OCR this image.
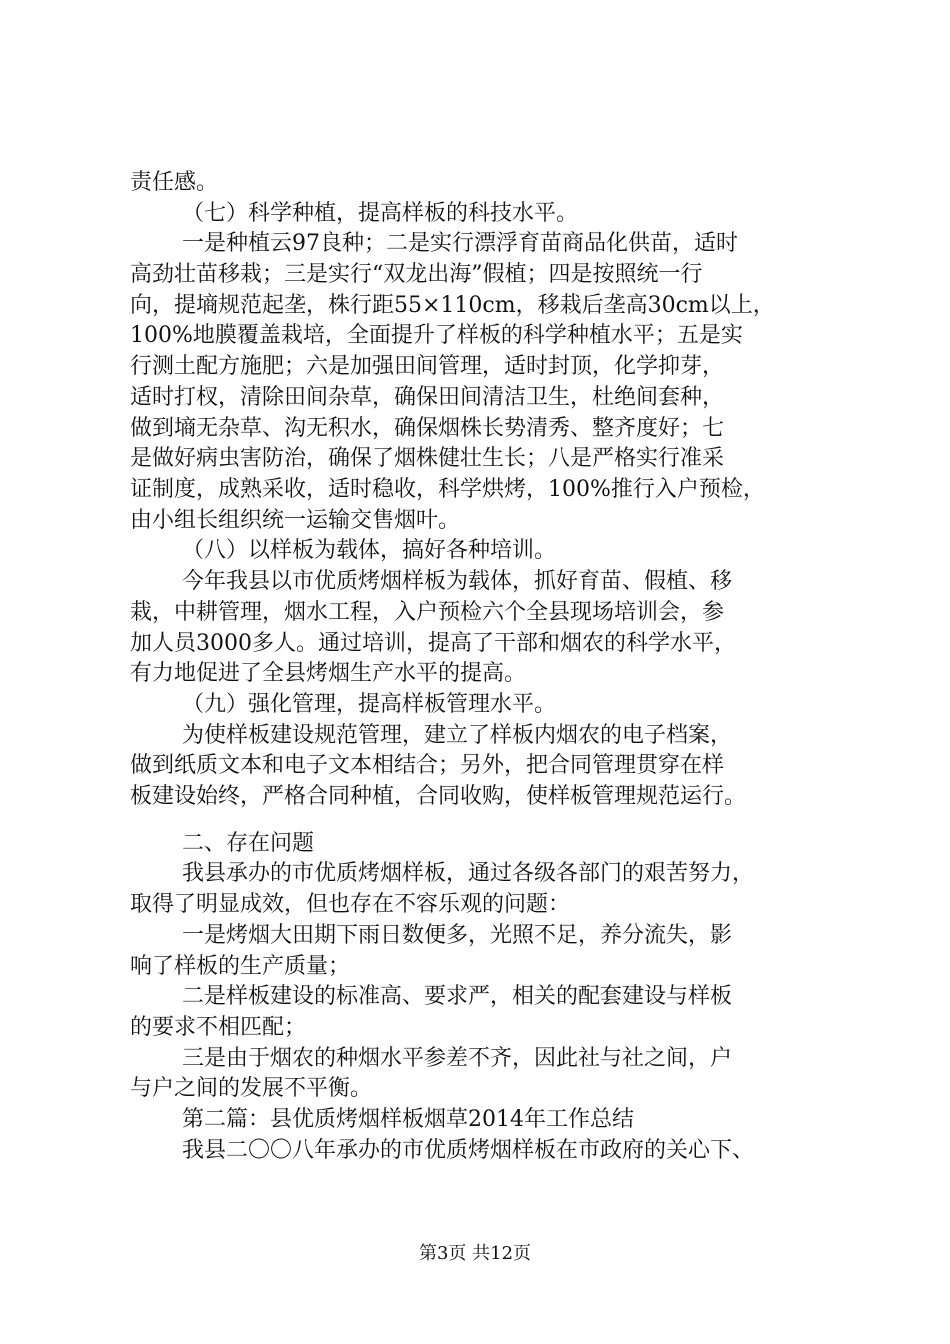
责任感。
（七）科学种植，提高样板的科技水平。
一是种植云97良种；二是实行漂浮育苗商品化供苗，适时
高劲壮苗移栽；三是实行“双龙出海”假植；四是按照统一行
向，提墒规范起垄，株行距55×110cm，移栽后垄高30cm以上，
100%地膜覆盖栽培，全面提升了样板的科学种植水平；五是实
行测土配方施肥；六是加强田间管理，适时封顶，化学抑芽，
适时打杈，清除田间杂草，确保田间清洁卫生，杜绝间套种，
做到墒无杂草、沟无积水，确保烟株长势清秀、整齐度好；七
是做好病虫害防治，确保了烟株健壮生长；八是严格实行准采
证制度，成熟采收，适时稳收，科学烘烤，100%推行入户预检，
由小组长组织统一运输交售烟叶。
（八）以样板为载体，搞好各种培训。
今年我县以市优质烤烟样板为载体，抓好育苗、假植、移
栽，中耕管理，烟水工程，入户预检六个全县现场培训会，参
加人员3000多人。通过培训，提高了干部和烟农的科学水平，
有力地促进了全县烤烟生产水平的提高。
（九）强化管理，提高样板管理水平。
为使样板建设规范管理，建立了样板内烟农的电子档案，
做到纸质文本和电子文本相结合；另外，把合同管理贯穿在样
板建设始终，严格合同种植，合同收购，使样板管理规范运行。
二、存在问题
我县承办的市优质烤烟样板，通过各级各部门的艰苦努力，
取得了明显成效，但也存在不容乐观的问题：
一是烤烟大田期下雨日数便多，光照不足，养分流失，影
响了样板的生产质量；
二是样板建设的标准高、要求严，相关的配套建设与样板
的要求不相匹配；
三是由于烟农的种烟水平参差不齐，因此社与社之间，户
与户之间的发展不平衡。
第二篇：县优质烤烟样板烟草2014年工作总结
我县二〇〇八年承办的市优质烤烟样板在市政府的关心下、
第3页 共12页
